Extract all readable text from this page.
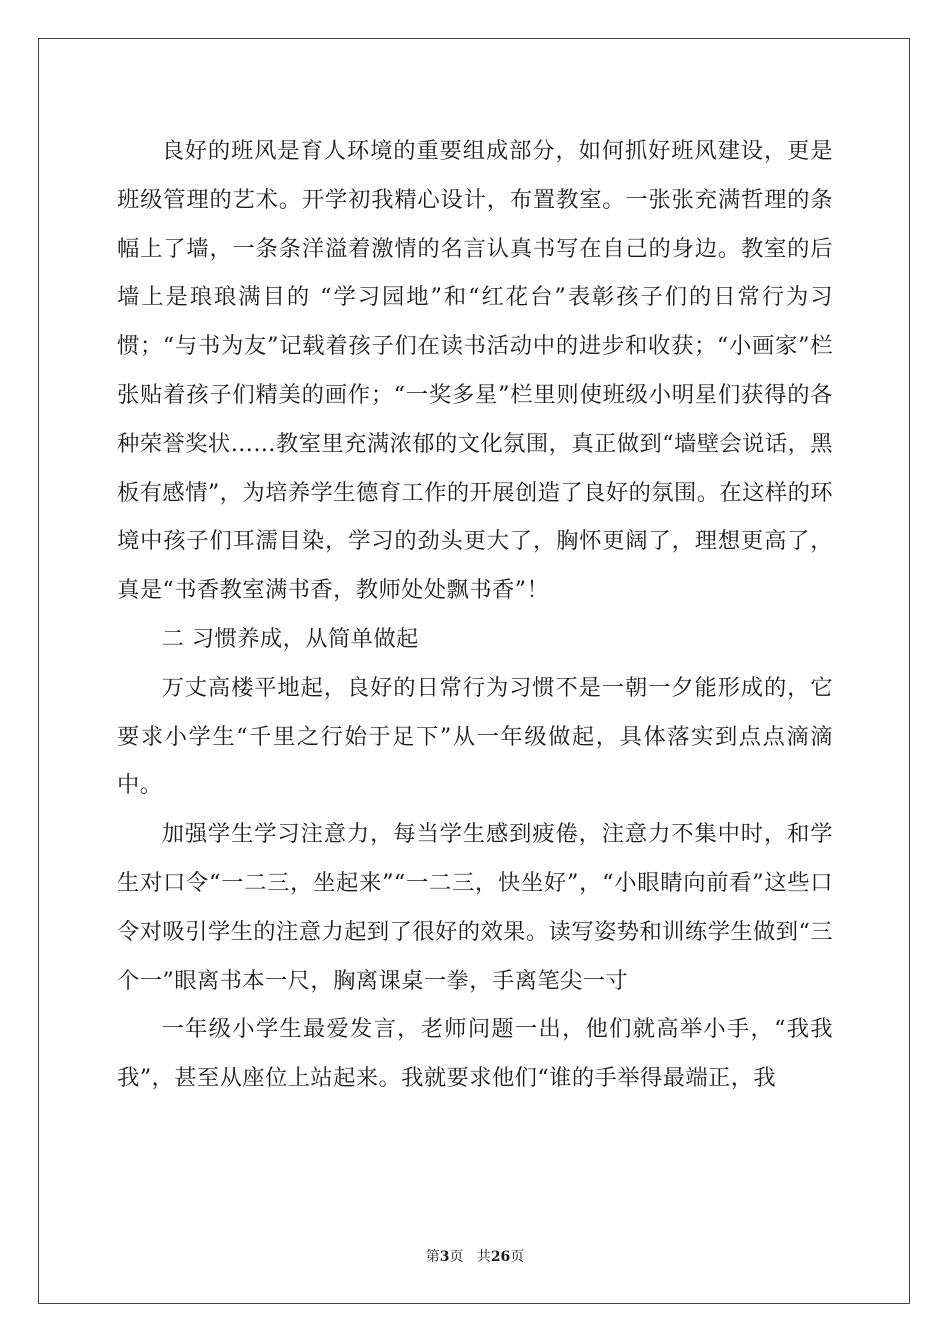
良好的班风是育人环境的重要组成部分，如何抓好班风建设，更是班级管理的艺术。开学初我精心设计，布置教室。一张张充满哲理的条幅上了墙，一条条洋溢着激情的名言认真书写在自己的身边。教室的后墙上是琅琅满目的 “学习园地”和“红花台”表彰孩子们的日常行为习惯；“与书为友”记载着孩子们在读书活动中的进步和收获；“小画家”栏张贴着孩子们精美的画作；“一奖多星”栏里则使班级小明星们获得的各种荣誉奖状……教室里充满浓郁的文化氛围，真正做到“墙壁会说话，黑板有感情”，为培养学生德育工作的开展创造了良好的氛围。在这样的环境中孩子们耳濡目染，学习的劲头更大了，胸怀更阔了，理想更高了，真是“书香教室满书香，教师处处飘书香”！

二 习惯养成，从简单做起

万丈高楼平地起，良好的日常行为习惯不是一朝一夕能形成的，它要求小学生“千里之行始于足下”从一年级做起，具体落实到点点滴滴中。

加强学生学习注意力，每当学生感到疲倦，注意力不集中时，和学生对口令“一二三，坐起来”“一二三，快坐好”，“小眼睛向前看”这些口令对吸引学生的注意力起到了很好的效果。读写姿势和训练学生做到“三个一”眼离书本一尺，胸离课桌一拳，手离笔尖一寸

一年级小学生最爱发言，老师问题一出，他们就高举小手，“我我我”，甚至从座位上站起来。我就要求他们“谁的手举得最端正，我

第3页   共26页
